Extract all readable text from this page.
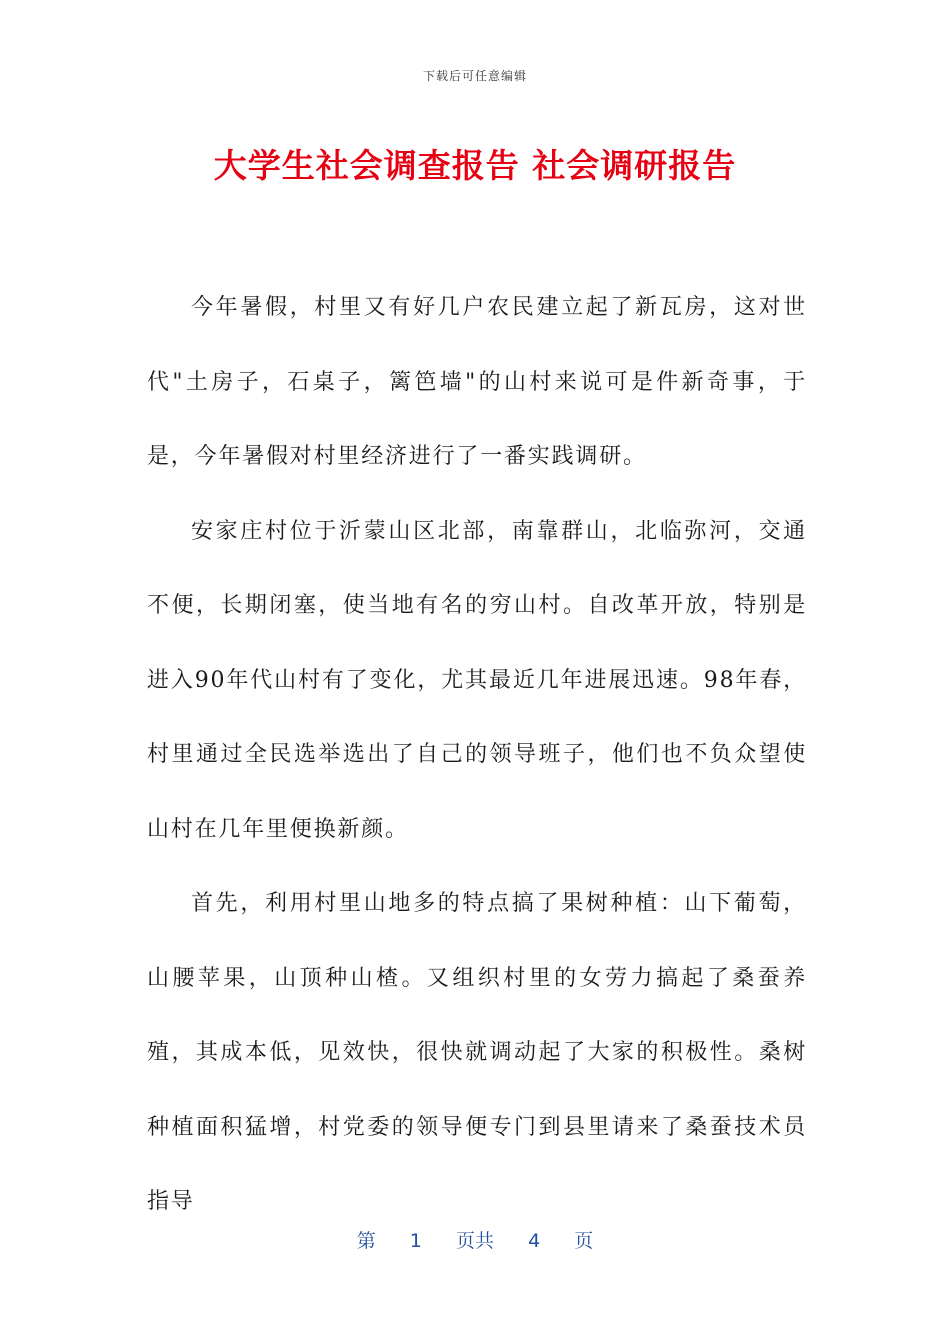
下载后可任意编辑
大学生社会调查报告 社会调研报告

今年暑假，村里又有好几户农民建立起了新瓦房，这对世代"土房子，石桌子，篱笆墙"的山村来说可是件新奇事，于是，今年暑假对村里经济进行了一番实践调研。

安家庄村位于沂蒙山区北部，南靠群山，北临弥河，交通不便，长期闭塞，使当地有名的穷山村。自改革开放，特别是进入90年代山村有了变化，尤其最近几年进展迅速。98年春，村里通过全民选举选出了自己的领导班子，他们也不负众望使山村在几年里便换新颜。

首先，利用村里山地多的特点搞了果树种植：山下葡萄，山腰苹果，山顶种山楂。又组织村里的女劳力搞起了桑蚕养殖，其成本低，见效快，很快就调动起了大家的积极性。桑树种植面积猛增，村党委的领导便专门到县里请来了桑蚕技术员指导

第 1 页共 4 页
